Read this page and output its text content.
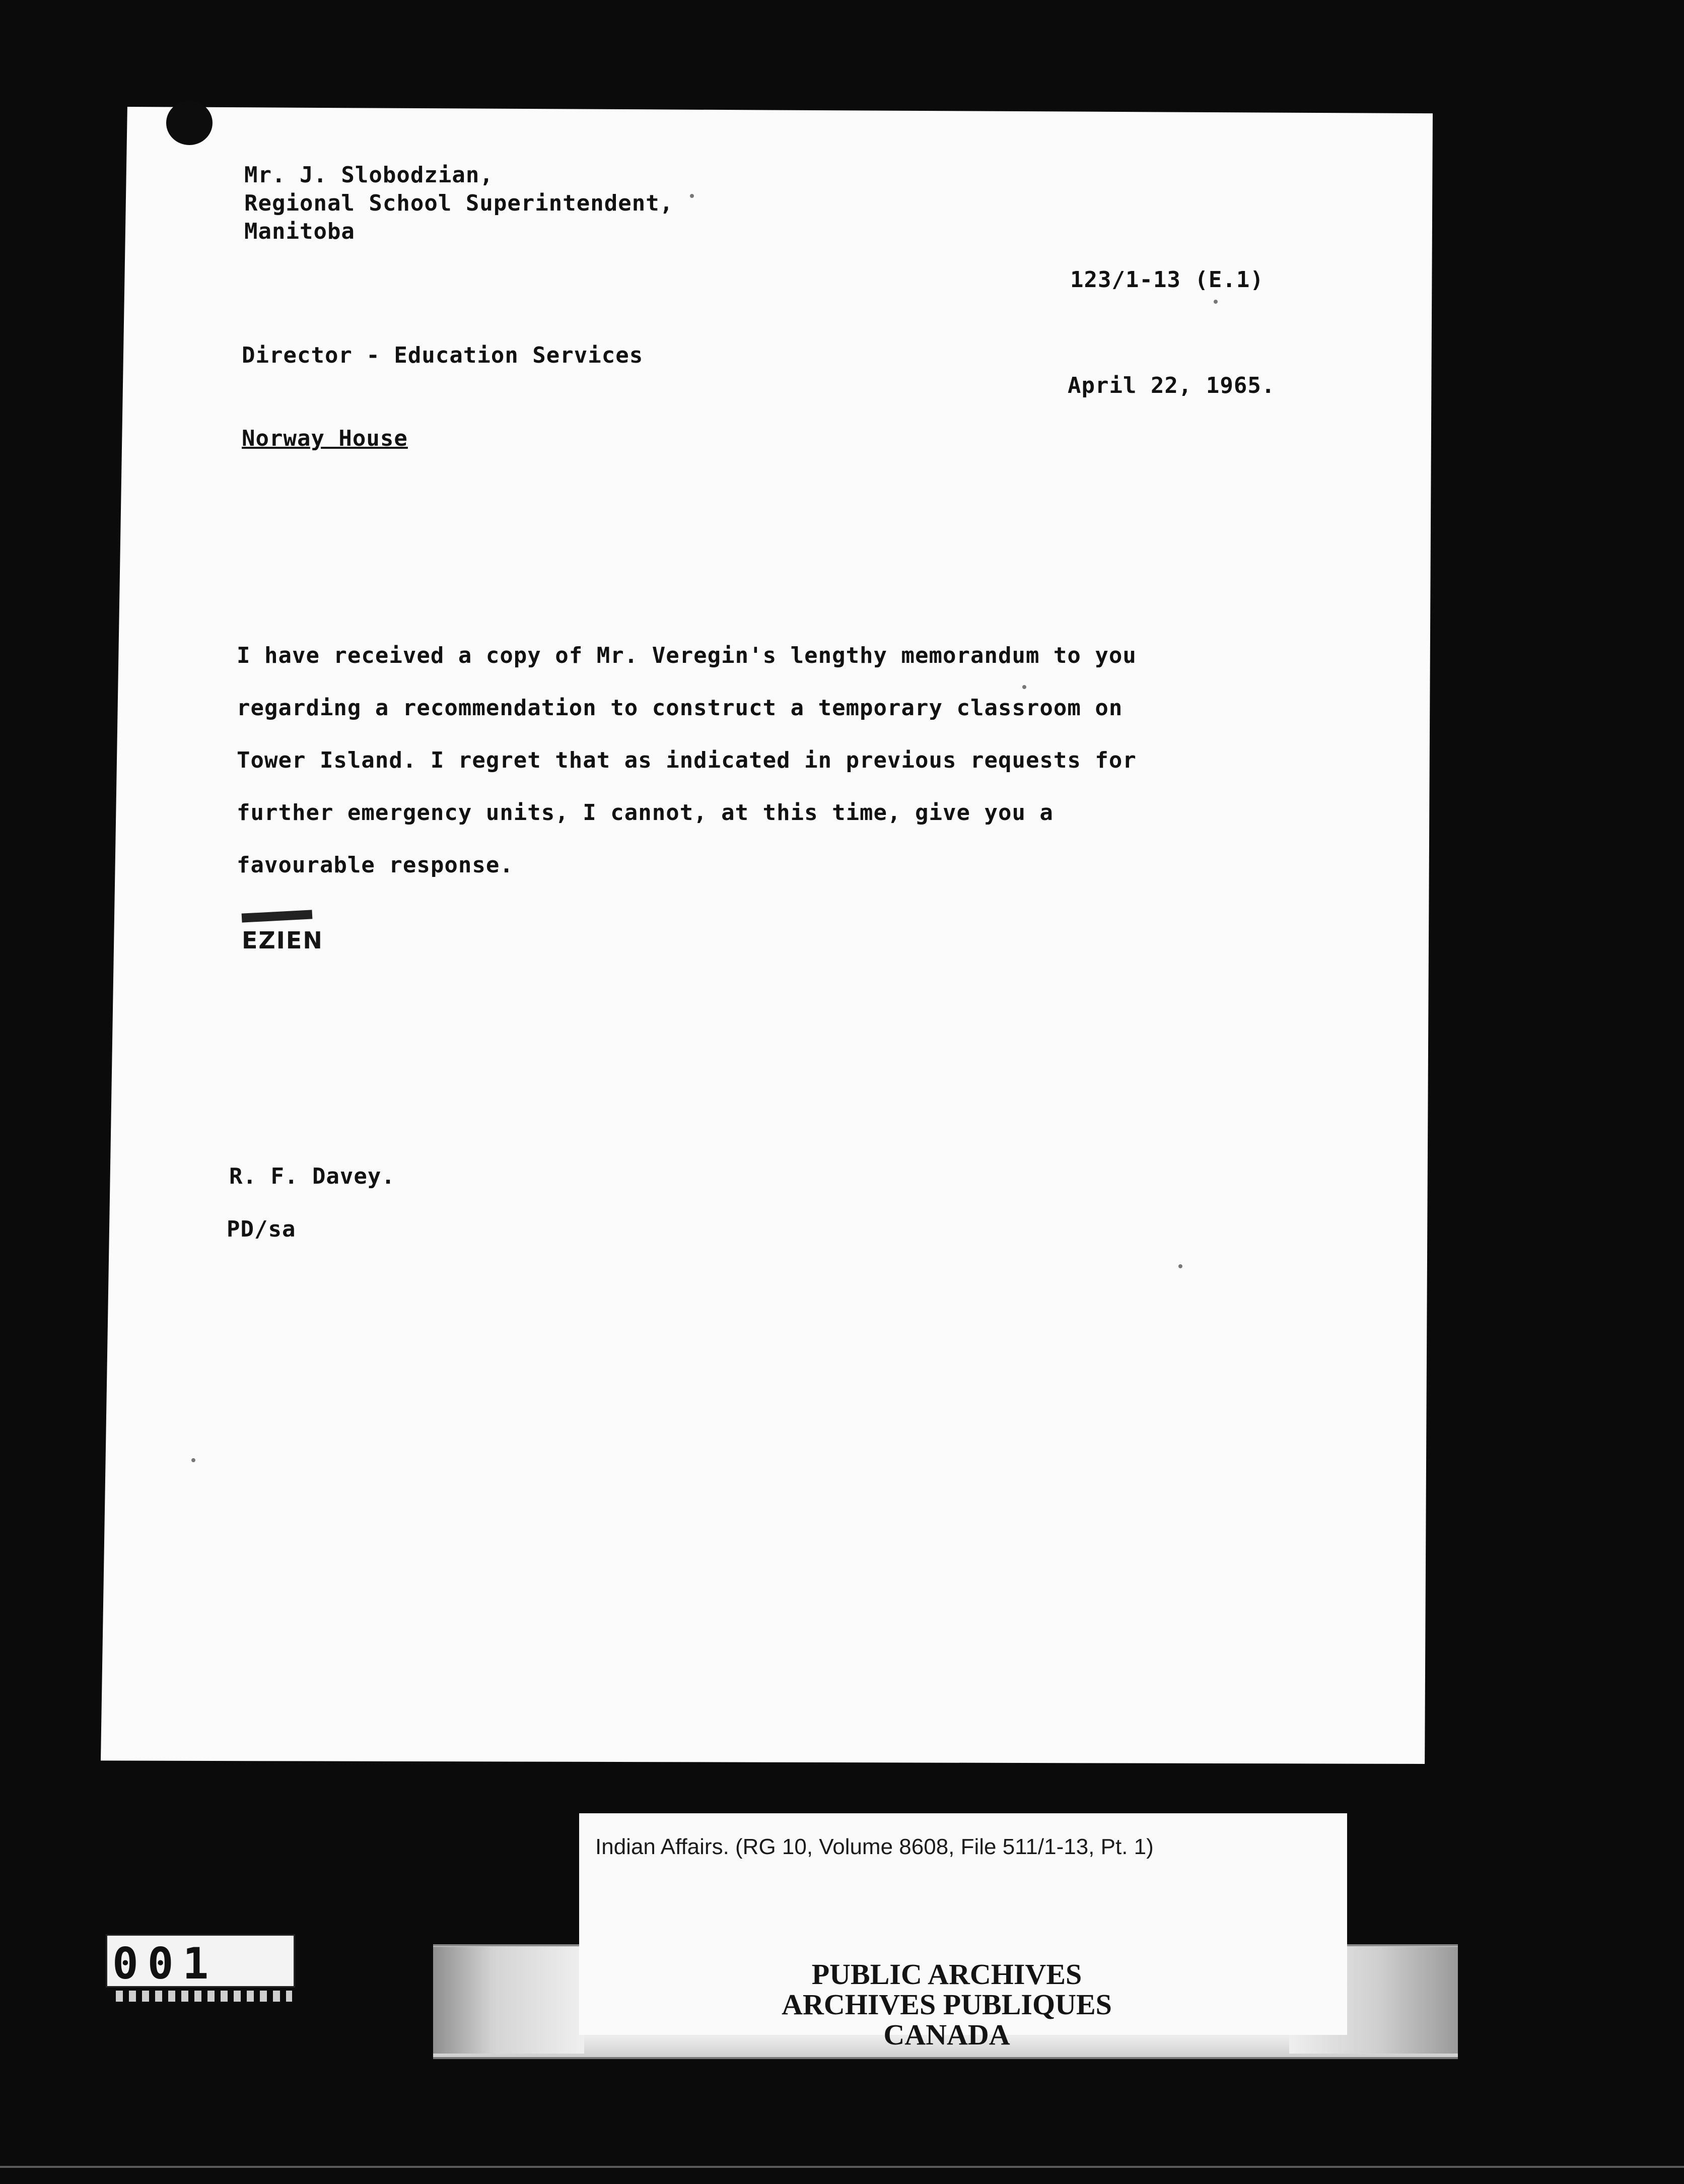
Mr. J. Slobodzian,
Regional School Superintendent,
Manitoba
123/1-13 (E.1)
Director - Education Services
April 22, 1965.
Norway House
I have received a copy of Mr. Veregin's lengthy memorandum to you
regarding a recommendation to construct a temporary classroom on
Tower Island. I regret that as indicated in previous requests for
further emergency units, I cannot, at this time, give you a
favourable response.
EZIEN
R. F. Davey.
PD/sa
001
Indian Affairs. (RG 10, Volume 8608, File 511/1-13, Pt. 1)
PUBLIC ARCHIVES
ARCHIVES PUBLIQUES
CANADA
